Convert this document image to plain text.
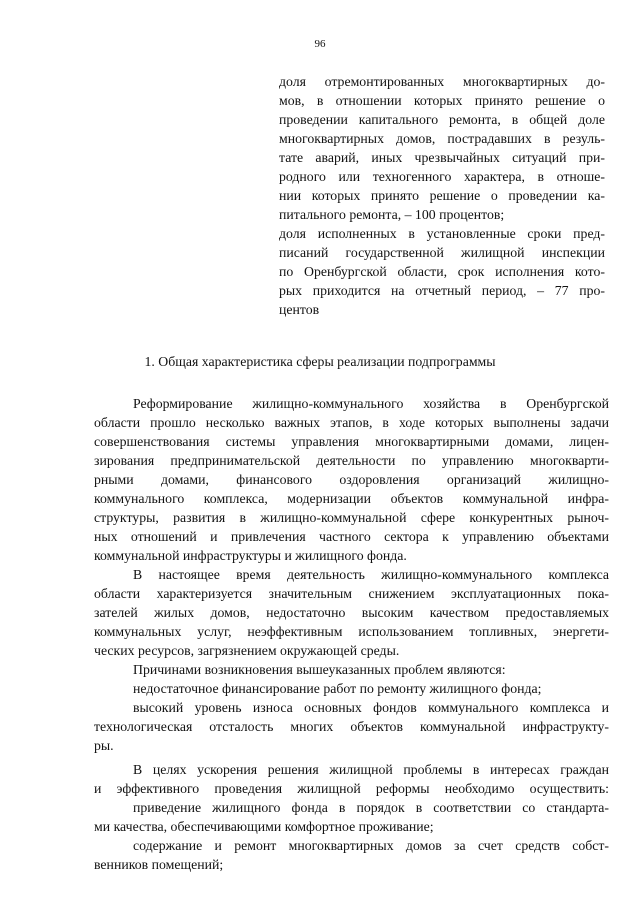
96
доля отремонтированных многоквартирных до-
мов, в отношении которых принято решение о
проведении капитального ремонта, в общей доле
многоквартирных домов, пострадавших в резуль-
тате аварий, иных чрезвычайных ситуаций при-
родного или техногенного характера, в отноше-
нии которых принято решение о проведении ка-
питального ремонта, – 100 процентов;
доля исполненных в установленные сроки пред-
писаний государственной жилищной инспекции
по Оренбургской области, срок исполнения кото-
рых приходится на отчетный период, – 77 про-
центов
1. Общая характеристика сферы реализации подпрограммы
Реформирование жилищно-коммунального хозяйства в Оренбургской
области прошло несколько важных этапов, в ходе которых выполнены задачи
совершенствования системы управления многоквартирными домами, лицен-
зирования предпринимательской деятельности по управлению многокварти-
рными домами, финансового оздоровления организаций жилищно-
коммунального комплекса, модернизации объектов коммунальной инфра-
структуры, развития в жилищно-коммунальной сфере конкурентных рыноч-
ных отношений и привлечения частного сектора к управлению объектами
коммунальной инфраструктуры и жилищного фонда.
В настоящее время деятельность жилищно-коммунального комплекса
области характеризуется значительным снижением эксплуатационных пока-
зателей жилых домов, недостаточно высоким качеством предоставляемых
коммунальных услуг, неэффективным использованием топливных, энергети-
ческих ресурсов, загрязнением окружающей среды.
Причинами возникновения вышеуказанных проблем являются:
недостаточное финансирование работ по ремонту жилищного фонда;
высокий уровень износа основных фондов коммунального комплекса и
технологическая отсталость многих объектов коммунальной инфраструкту-
ры.
В целях ускорения решения жилищной проблемы в интересах граждан
и эффективного проведения жилищной реформы необходимо осуществить:
приведение жилищного фонда в порядок в соответствии со стандарта-
ми качества, обеспечивающими комфортное проживание;
содержание и ремонт многоквартирных домов за счет средств собст-
венников помещений;
